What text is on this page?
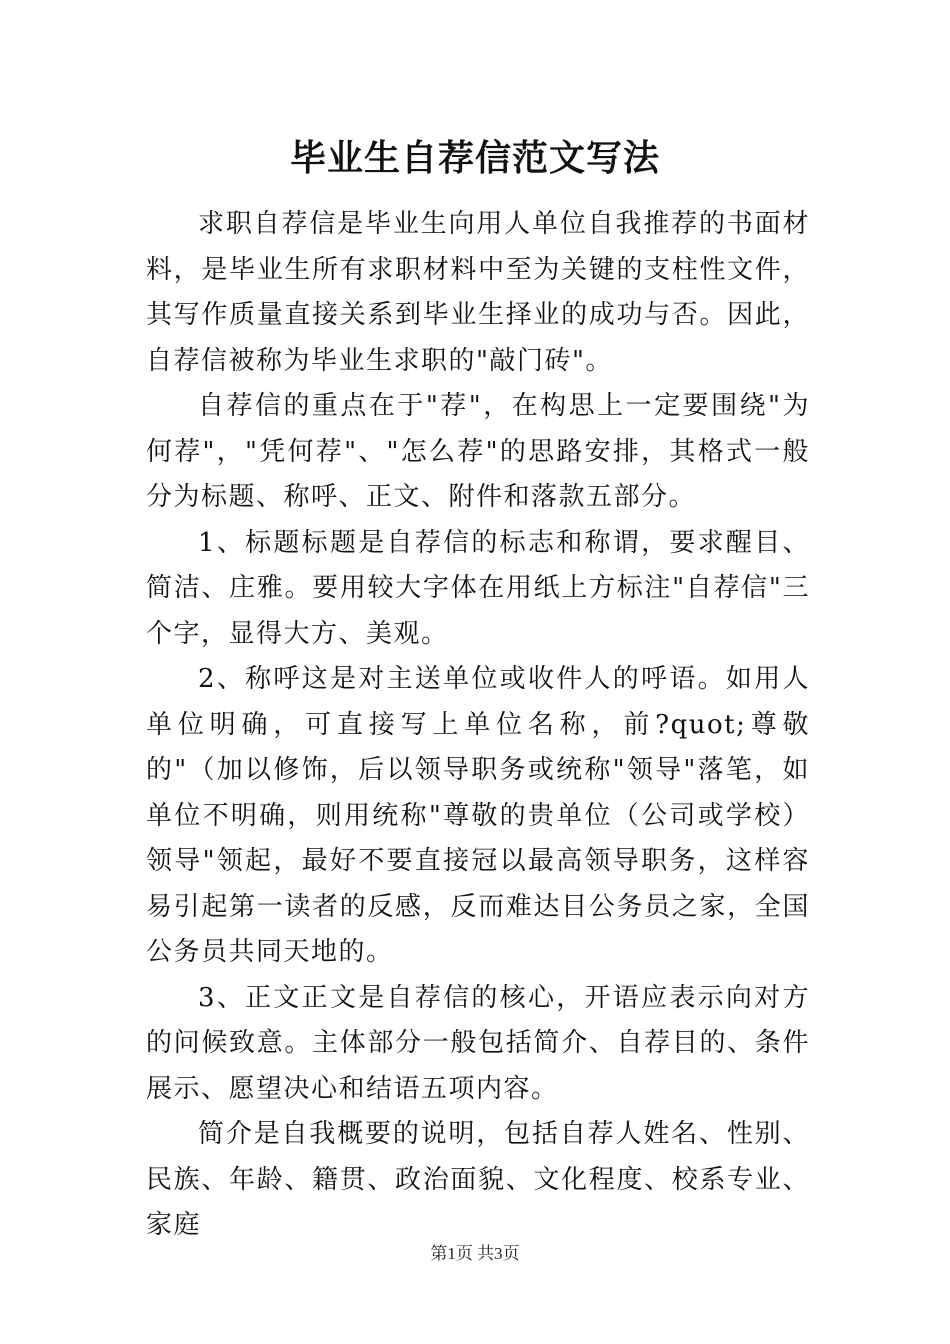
毕业生自荐信范文写法

求职自荐信是毕业生向用人单位自我推荐的书面材料，是毕业生所有求职材料中至为关键的支柱性文件，其写作质量直接关系到毕业生择业的成功与否。因此，自荐信被称为毕业生求职的"敲门砖"。

自荐信的重点在于"荐"，在构思上一定要围绕"为何荐"，"凭何荐"、"怎么荐"的思路安排，其格式一般分为标题、称呼、正文、附件和落款五部分。

1、标题标题是自荐信的标志和称谓，要求醒目、简洁、庄雅。要用较大字体在用纸上方标注"自荐信"三个字，显得大方、美观。

2、称呼这是对主送单位或收件人的呼语。如用人单位明确，可直接写上单位名称，前?quot;尊敬的"（加以修饰，后以领导职务或统称"领导"落笔，如单位不明确，则用统称"尊敬的贵单位（公司或学校）领导"领起，最好不要直接冠以最高领导职务，这样容易引起第一读者的反感，反而难达目公务员之家，全国公务员共同天地的。

3、正文正文是自荐信的核心，开语应表示向对方的问候致意。主体部分一般包括简介、自荐目的、条件展示、愿望决心和结语五项内容。

简介是自我概要的说明，包括自荐人姓名、性别、民族、年龄、籍贯、政治面貌、文化程度、校系专业、家庭

第1页 共3页
